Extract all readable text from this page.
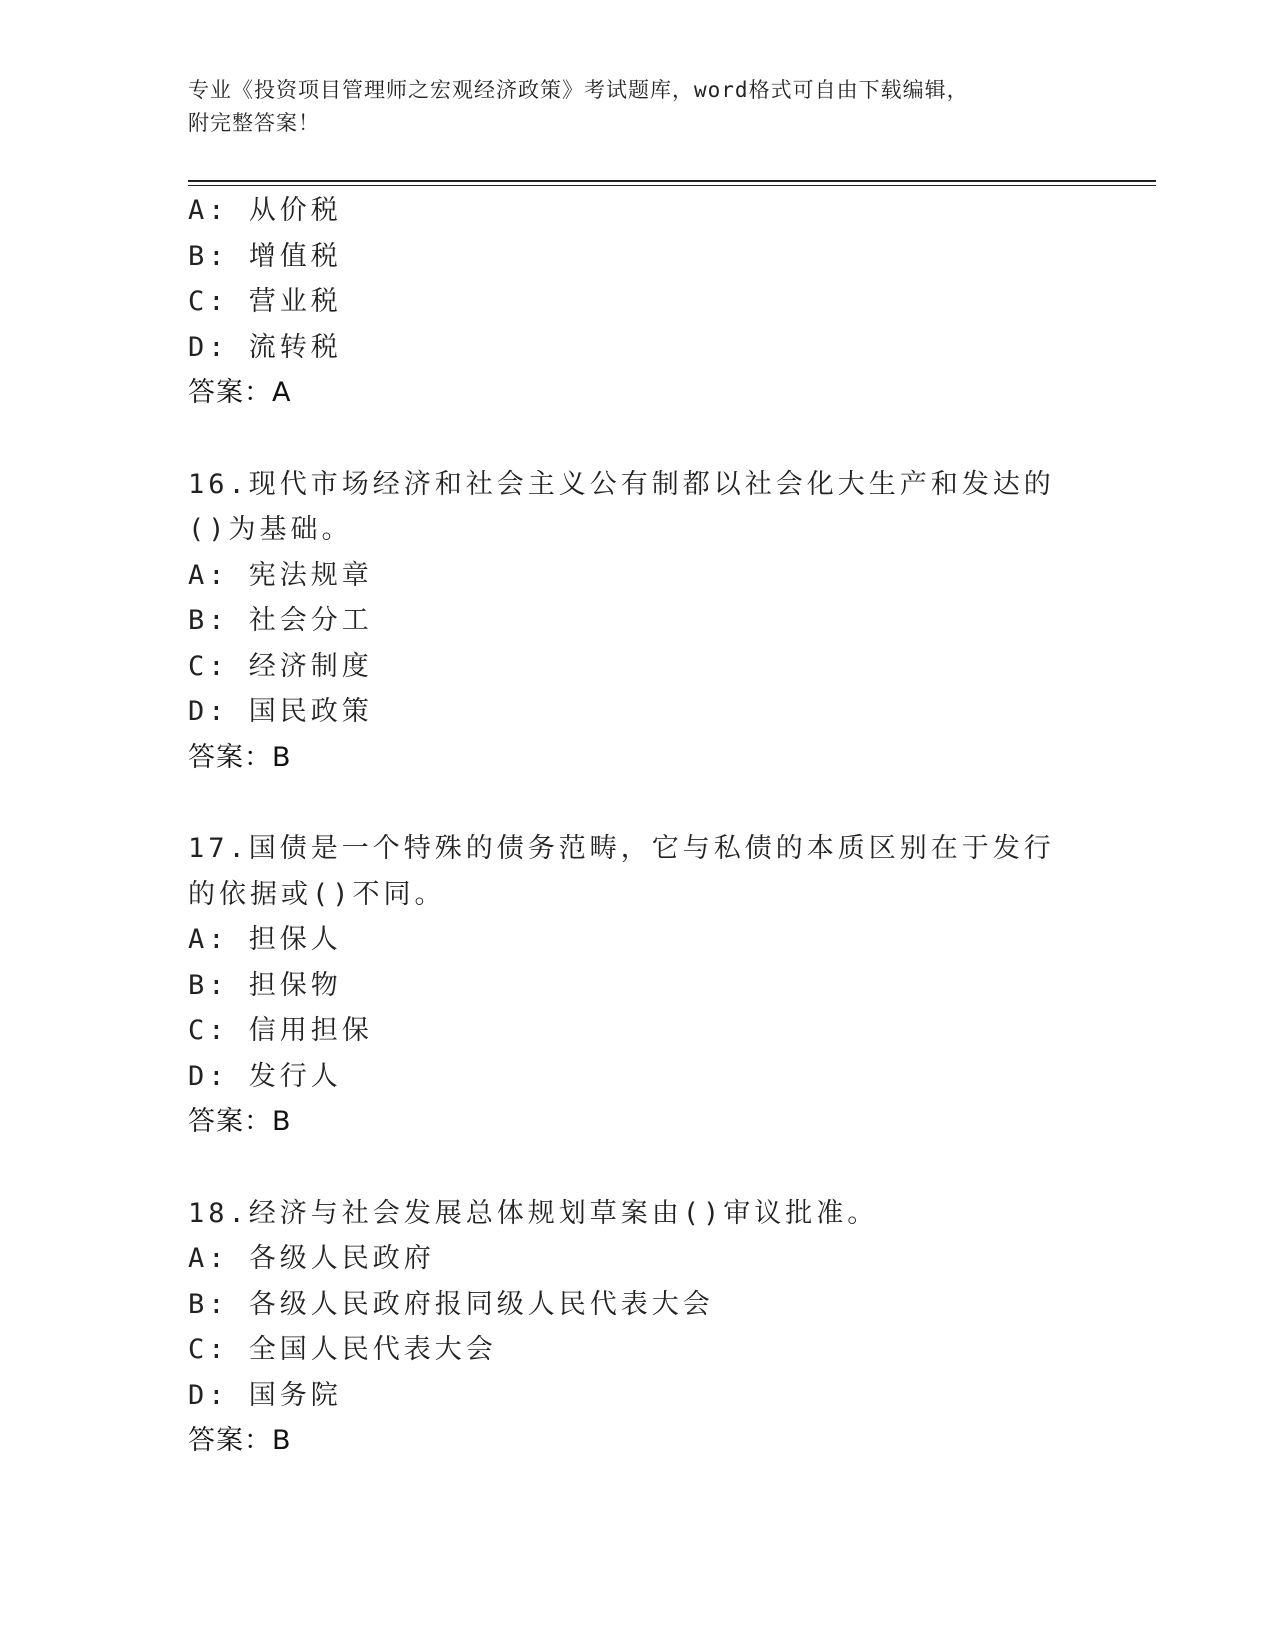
专业《投资项目管理师之宏观经济政策》考试题库，word格式可自由下载编辑，
附完整答案！
A: 从价税
B: 增值税
C: 营业税
D: 流转税
答案：A
16.现代市场经济和社会主义公有制都以社会化大生产和发达的()为基础。
A: 宪法规章
B: 社会分工
C: 经济制度
D: 国民政策
答案：B
17.国债是一个特殊的债务范畴，它与私债的本质区别在于发行的依据或()不同。
A: 担保人
B: 担保物
C: 信用担保
D: 发行人
答案：B
18.经济与社会发展总体规划草案由()审议批准。
A: 各级人民政府
B: 各级人民政府报同级人民代表大会
C: 全国人民代表大会
D: 国务院
答案：B
